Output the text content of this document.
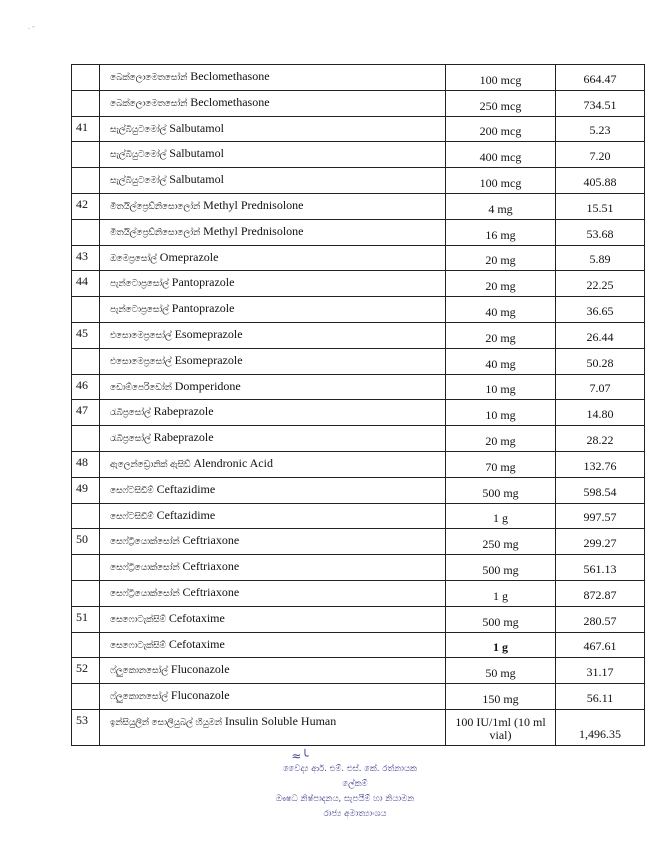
. -
	බෙක්ලොමෙතසෝන් Beclomethasone	100 mcg	664.47
	බෙක්ලොමෙතසෝන් Beclomethasone	250 mcg	734.51
41	සැල්බියුටමෝල් Salbutamol	200 mcg	5.23
	සැල්බියුටමෝල් Salbutamol	400 mcg	7.20
	සැල්බියුටමෝල් Salbutamol	100 mcg	405.88
42	මිතයිල්ප්‍රෙඩ්නිසොලෝන් Methyl Prednisolone	4 mg	15.51
	මිතයිල්ප්‍රෙඩ්නිසොලෝන් Methyl Prednisolone	16 mg	53.68
43	ඔමෙප්‍රසෝල් Omeprazole	20 mg	5.89
44	පැන්ටොප්‍රසෝල් Pantoprazole	20 mg	22.25
	පැන්ටොප්‍රසෝල් Pantoprazole	40 mg	36.65
45	එසොමෙප්‍රසෝල් Esomeprazole	20 mg	26.44
	එසොමෙප්‍රසෝල් Esomeprazole	40 mg	50.28
46	ඩොම්පෙරිඩෝන් Domperidone	10 mg	7.07
47	රැබිප්‍රසෝල් Rabeprazole	10 mg	14.80
	රැබිප්‍රසෝල් Rabeprazole	20 mg	28.22
48	ඇලෙන්ඩ්‍රොනික් ඇසිඩ් Alendronic Acid	70 mg	132.76
49	සෙෆ්ටසිඩිම් Ceftazidime	500 mg	598.54
	සෙෆ්ටසිඩිම් Ceftazidime	1 g	997.57
50	සෙෆ්ට්‍රියොක්සෝන් Ceftriaxone	250 mg	299.27
	සෙෆ්ට්‍රියොක්සෝන් Ceftriaxone	500 mg	561.13
	සෙෆ්ට්‍රියොක්සෝන් Ceftriaxone	1 g	872.87
51	සෙෆොටැක්සිම් Cefotaxime	500 mg	280.57
	සෙෆොටැක්සිම් Cefotaxime	1 g	467.61
52	ෆ්ලුකොනසෝල් Fluconazole	50 mg	31.17
	ෆ්ලුකොනසෝල් Fluconazole	150 mg	56.11
53	ඉන්සියුලින් සොලියුබල් හියුමන් Insulin Soluble Human	100 IU/1ml (10 ml vial)	1,496.35
≈╰
වෛද්‍ය ආර්. එම්. එස්. කේ. රත්නායක
ලේකම්
ඖෂධ නිෂ්පාදනය, සැපයීම් හා නියාමන
රාජ්‍ය අමාත්‍යාංශය
